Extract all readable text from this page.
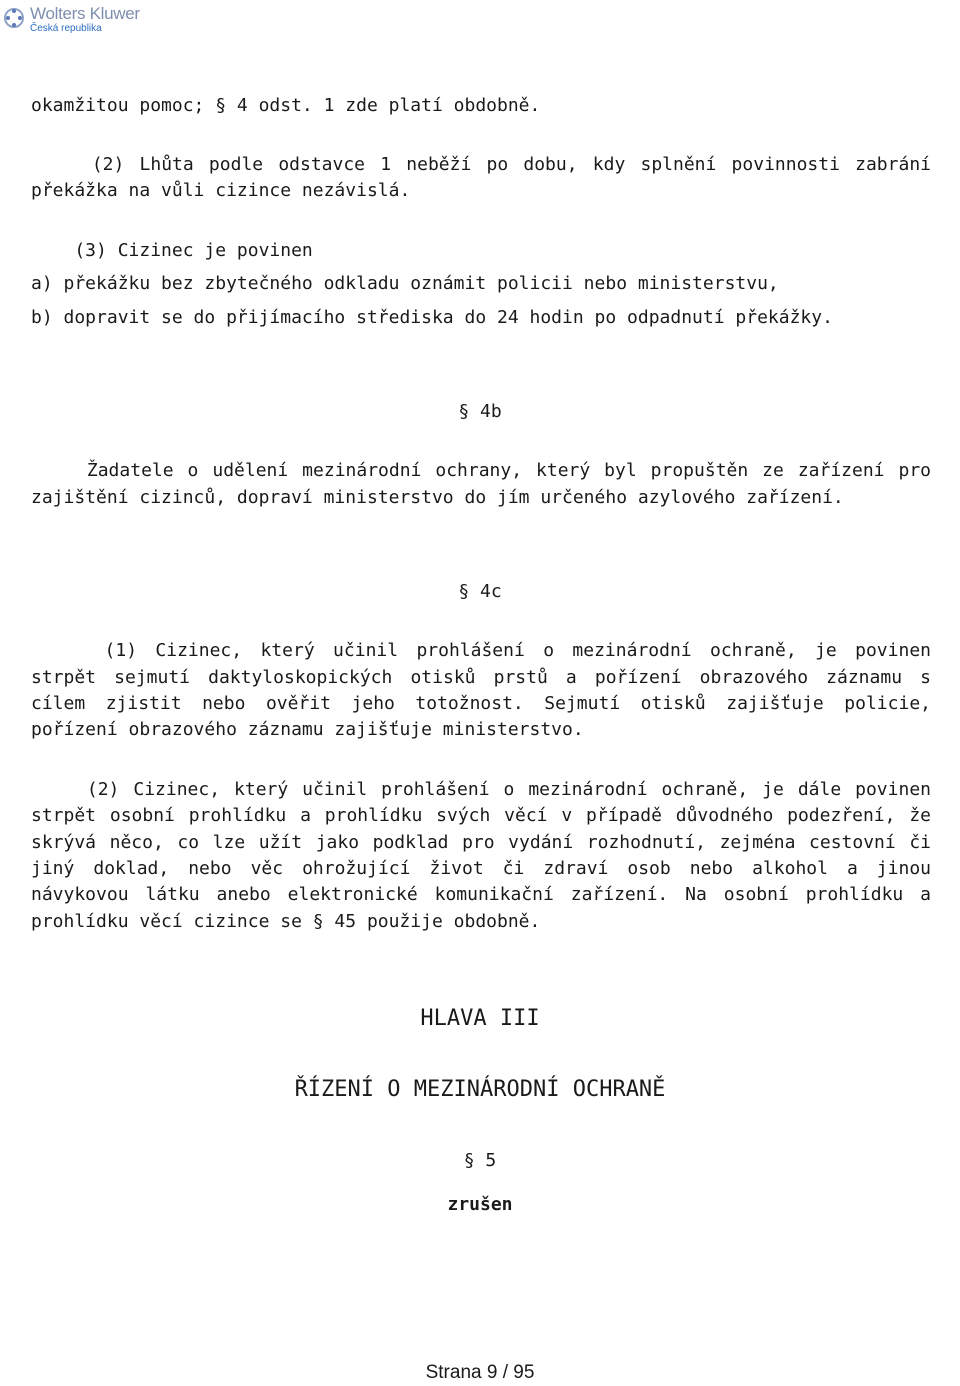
Wolters Kluwer
Česká republika
okamžitou pomoc; § 4 odst. 1 zde platí obdobně.
(2) Lhůta podle odstavce 1 neběží po dobu, kdy splnění povinnosti zabrání
překážka na vůli cizince nezávislá.
(3) Cizinec je povinen
a) překážku bez zbytečného odkladu oznámit policii nebo ministerstvu,
b) dopravit se do přijímacího střediska do 24 hodin po odpadnutí překážky.
§ 4b
Žadatele o udělení mezinárodní ochrany, který byl propuštěn ze zařízení pro
zajištění cizinců, dopraví ministerstvo do jím určeného azylového zařízení.
§ 4c
(1) Cizinec, který učinil prohlášení o mezinárodní ochraně, je povinen
strpět sejmutí daktyloskopických otisků prstů a pořízení obrazového záznamu s
cílem zjistit nebo ověřit jeho totožnost. Sejmutí otisků zajišťuje policie,
pořízení obrazového záznamu zajišťuje ministerstvo.
(2) Cizinec, který učinil prohlášení o mezinárodní ochraně, je dále povinen
strpět osobní prohlídku a prohlídku svých věcí v případě důvodného podezření, že
skrývá něco, co lze užít jako podklad pro vydání rozhodnutí, zejména cestovní či
jiný doklad, nebo věc ohrožující život či zdraví osob nebo alkohol a jinou
návykovou látku anebo elektronické komunikační zařízení. Na osobní prohlídku a
prohlídku věcí cizince se § 45 použije obdobně.
HLAVA III
ŘÍZENÍ O MEZINÁRODNÍ OCHRANĚ
§ 5
zrušen
Strana 9 / 95
